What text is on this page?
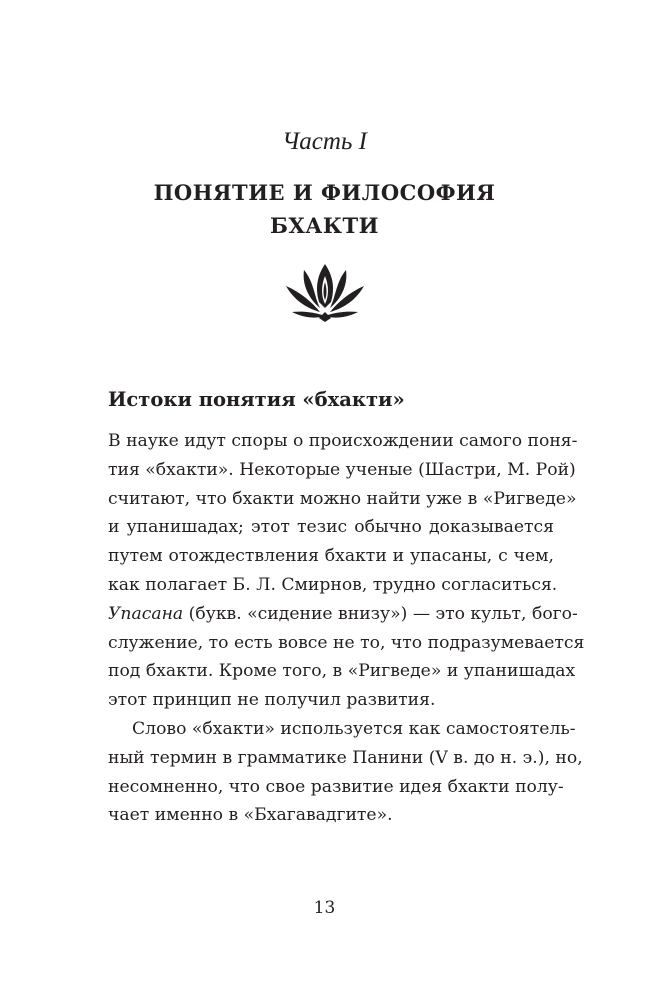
Часть I
ПОНЯТИЕ И ФИЛОСОФИЯ
БХАКТИ
Истоки понятия «бхакти»
В науке идут споры о происхождении самого поня-
тия «бхакти». Некоторые ученые (Шастри, М. Рой)
считают, что бхакти можно найти уже в «Ригведе»
и упанишадах; этот тезис обычно доказывается
путем отождествления бхакти и упасаны, с чем,
как полагает Б. Л. Смирнов, трудно согласиться.
Упасана (букв. «сидение внизу») — это культ, бого-
служение, то есть вовсе не то, что подразумевается
под бхакти. Кроме того, в «Ригведе» и упанишадах
этот принцип не получил развития.
Слово «бхакти» используется как самостоятель-
ный термин в грамматике Панини (V в. до н. э.), но,
несомненно, что свое развитие идея бхакти полу-
чает именно в «Бхагавадгите».
13
